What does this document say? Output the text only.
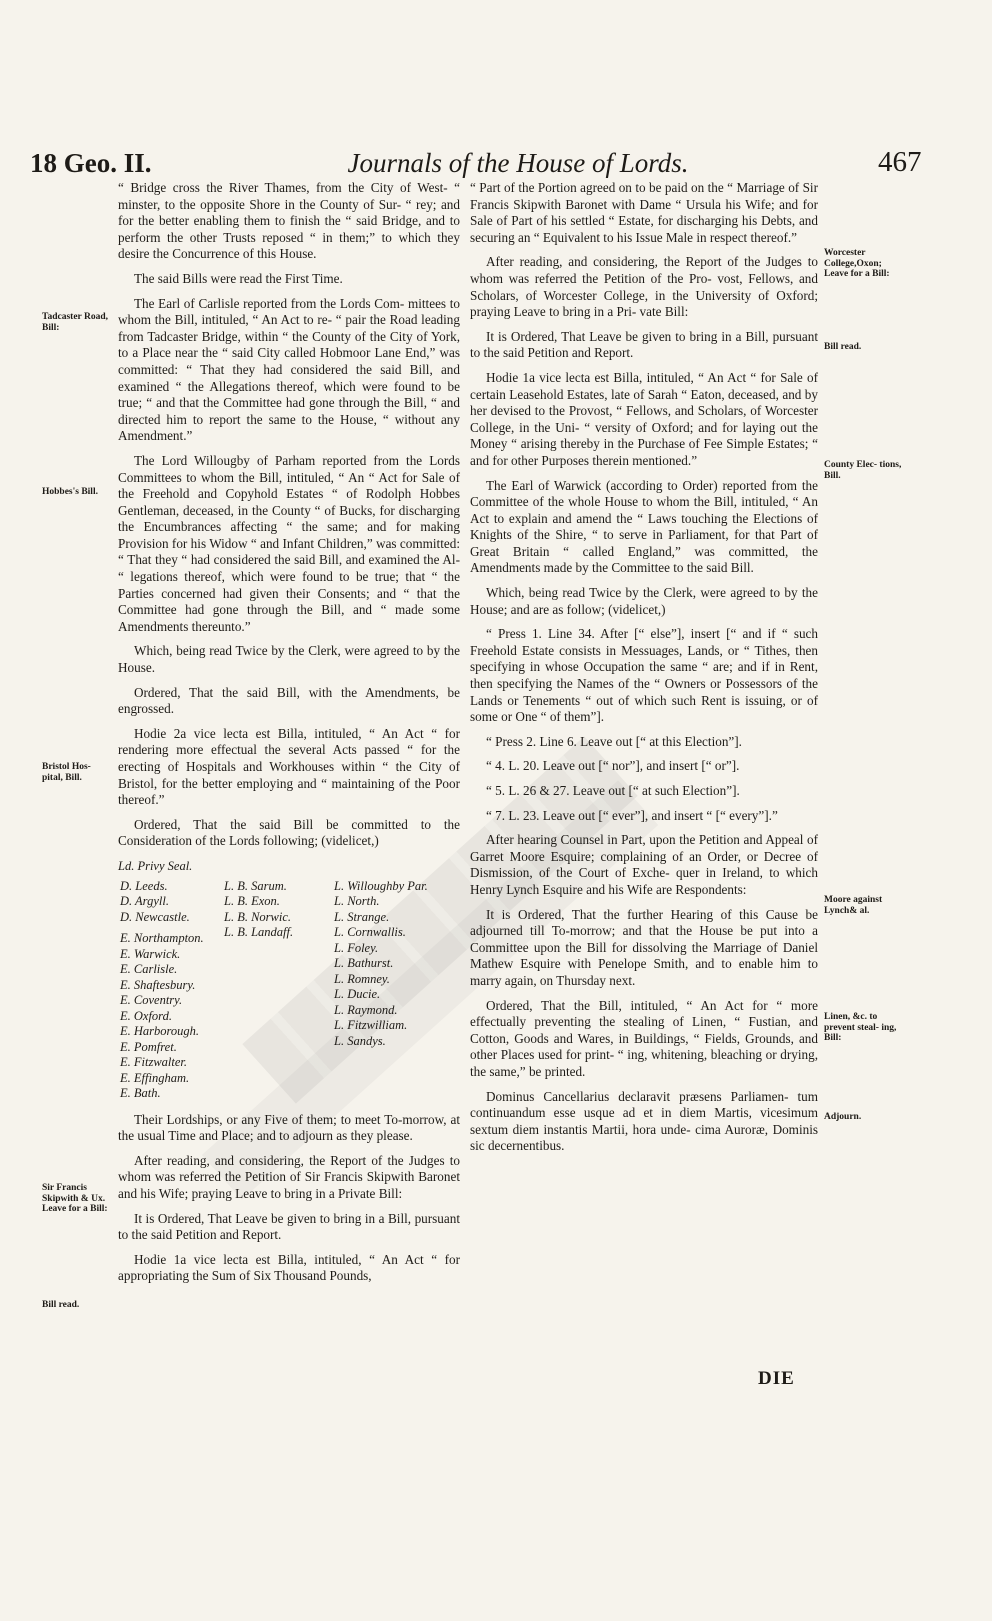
18 Geo. II.	Journals of the House of Lords.	467
Tadcaster Road, Bill:
Hobbes's Bill.
Bristol Hos- pital, Bill.
Sir Francis Skipwith & Ux. Leave for a Bill:
Bill read.
Worcester College,Oxon; Leave for a Bill:
Bill read.
County Elec- tions, Bill.
Moore against Lynch& al.
Linen, &c. to prevent steal- ing, Bill:
Adjourn.

“ Bridge cross the River Thames, from the City of West- “ minster, to the opposite Shore in the County of Sur- “ rey; and for the better enabling them to finish the “ said Bridge, and to perform the other Trusts reposed “ in them;” to which they desire the Concurrence of this House.

The said Bills were read the First Time.

The Earl of Carlisle reported from the Lords Com- mittees to whom the Bill, intituled, “ An Act to re- “ pair the Road leading from Tadcaster Bridge, within “ the County of the City of York, to a Place near the “ said City called Hobmoor Lane End,” was committed: “ That they had considered the said Bill, and examined “ the Allegations thereof, which were found to be true; “ and that the Committee had gone through the Bill, “ and directed him to report the same to the House, “ without any Amendment.”

The Lord Willougby of Parham reported from the Lords Committees to whom the Bill, intituled, “ An “ Act for Sale of the Freehold and Copyhold Estates “ of Rodolph Hobbes Gentleman, deceased, in the County “ of Bucks, for discharging the Encumbrances affecting “ the same; and for making Provision for his Widow “ and Infant Children,” was committed: “ That they “ had considered the said Bill, and examined the Al- “ legations thereof, which were found to be true; that “ the Parties concerned had given their Consents; and “ that the Committee had gone through the Bill, and “ made some Amendments thereunto.”

Which, being read Twice by the Clerk, were agreed to by the House.

Ordered, That the said Bill, with the Amendments, be engrossed.

Hodie 2a vice lecta est Billa, intituled, “ An Act “ for rendering more effectual the several Acts passed “ for the erecting of Hospitals and Workhouses within “ the City of Bristol, for the better employing and “ maintaining of the Poor thereof.”

Ordered, That the said Bill be committed to the Consideration of the Lords following; (videlicet,)

Ld. Privy Seal.
D. Leeds.
D. Argyll.
D. Newcastle.
E. Northampton.
E. Warwick.
E. Carlisle.
E. Shaftesbury.
E. Coventry.
E. Oxford.
E. Harborough.
E. Pomfret.
E. Fitzwalter.
E. Effingham.
E. Bath.
L. B. Sarum.
L. B. Exon.
L. B. Norwic.
L. B. Landaff.
L. Willoughby Par.
L. North.
L. Strange.
L. Cornwallis.
L. Foley.
L. Bathurst.
L. Romney.
L. Ducie.
L. Raymond.
L. Fitzwilliam.
L. Sandys.

Their Lordships, or any Five of them; to meet To-morrow, at the usual Time and Place; and to adjourn as they please.

After reading, and considering, the Report of the Judges to whom was referred the Petition of Sir Francis Skipwith Baronet and his Wife; praying Leave to bring in a Private Bill:

It is Ordered, That Leave be given to bring in a Bill, pursuant to the said Petition and Report.

Hodie 1a vice lecta est Billa, intituled, “ An Act “ for appropriating the Sum of Six Thousand Pounds,

“ Part of the Portion agreed on to be paid on the “ Marriage of Sir Francis Skipwith Baronet with Dame “ Ursula his Wife; and for Sale of Part of his settled “ Estate, for discharging his Debts, and securing an “ Equivalent to his Issue Male in respect thereof.”

After reading, and considering, the Report of the Judges to whom was referred the Petition of the Pro- vost, Fellows, and Scholars, of Worcester College, in the University of Oxford; praying Leave to bring in a Pri- vate Bill:

It is Ordered, That Leave be given to bring in a Bill, pursuant to the said Petition and Report.

Hodie 1a vice lecta est Billa, intituled, “ An Act “ for Sale of certain Leasehold Estates, late of Sarah “ Eaton, deceased, and by her devised to the Provost, “ Fellows, and Scholars, of Worcester College, in the Uni- “ versity of Oxford; and for laying out the Money “ arising thereby in the Purchase of Fee Simple Estates; “ and for other Purposes therein mentioned.”

The Earl of Warwick (according to Order) reported from the Committee of the whole House to whom the Bill, intituled, “ An Act to explain and amend the “ Laws touching the Elections of Knights of the Shire, “ to serve in Parliament, for that Part of Great Britain “ called England,” was committed, the Amendments made by the Committee to the said Bill.

Which, being read Twice by the Clerk, were agreed to by the House; and are as follow; (videlicet,)

“ Press 1. Line 34. After [“ else”], insert [“ and if “ such Freehold Estate consists in Messuages, Lands, or “ Tithes, then specifying in whose Occupation the same “ are; and if in Rent, then specifying the Names of the “ Owners or Possessors of the Lands or Tenements “ out of which such Rent is issuing, or of some or One “ of them”].

“ Press 2. Line 6. Leave out [“ at this Election”].

“ 4. L. 20. Leave out [“ nor”], and insert [“ or”].

“ 5. L. 26 & 27. Leave out [“ at such Election”].

“ 7. L. 23. Leave out [“ ever”], and insert “ [“ every”].”

After hearing Counsel in Part, upon the Petition and Appeal of Garret Moore Esquire; complaining of an Order, or Decree of Dismission, of the Court of Exche- quer in Ireland, to which Henry Lynch Esquire and his Wife are Respondents:

It is Ordered, That the further Hearing of this Cause be adjourned till To-morrow; and that the House be put into a Committee upon the Bill for dissolving the Marriage of Daniel Mathew Esquire with Penelope Smith, and to enable him to marry again, on Thursday next.

Ordered, That the Bill, intituled, “ An Act for “ more effectually preventing the stealing of Linen, “ Fustian, and Cotton, Goods and Wares, in Buildings, “ Fields, Grounds, and other Places used for print- “ ing, whitening, bleaching or drying, the same,” be printed.

Dominus Cancellarius declaravit præsens Parliamen- tum continuandum esse usque ad et in diem Martis, vicesimum sextum diem instantis Martii, hora unde- cima Auroræ, Dominis sic decernentibus.

DIE
